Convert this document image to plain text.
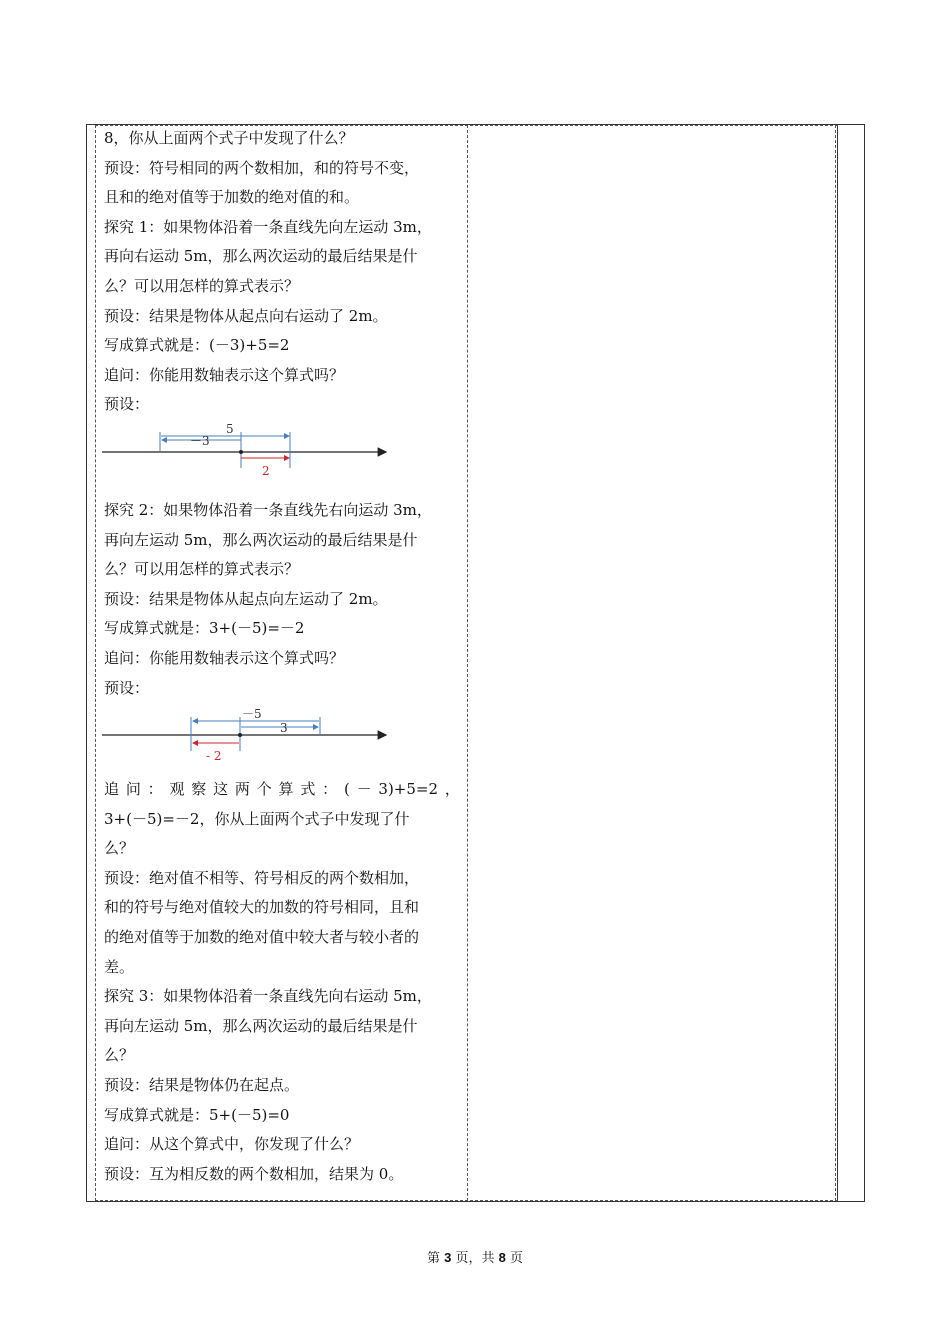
8，你从上面两个式子中发现了什么？
预设：符号相同的两个数相加，和的符号不变，
且和的绝对值等于加数的绝对值的和。
探究 1：如果物体沿着一条直线先向左运动 3m，
再向右运动 5m，那么两次运动的最后结果是什
么？可以用怎样的算式表示？
预设：结果是物体从起点向右运动了 2m。
写成算式就是：(－3)+5=2
追问：你能用数轴表示这个算式吗？
预设：
5
－3
2
探究 2：如果物体沿着一条直线先右向运动 3m，
再向左运动 5m，那么两次运动的最后结果是什
么？可以用怎样的算式表示？
预设：结果是物体从起点向左运动了 2m。
写成算式就是：3+(－5)=－2
追问：你能用数轴表示这个算式吗？
预设：
－5
3
- 2
追 问 ： 观 察 这 两 个 算 式 ： ( － 3)+5=2 ，
3+(－5)=－2，你从上面两个式子中发现了什
么？
预设：绝对值不相等、符号相反的两个数相加，
和的符号与绝对值较大的加数的符号相同，且和
的绝对值等于加数的绝对值中较大者与较小者的
差。
探究 3：如果物体沿着一条直线先向右运动 5m，
再向左运动 5m，那么两次运动的最后结果是什
么？
预设：结果是物体仍在起点。
写成算式就是：5+(－5)=0
追问：从这个算式中，你发现了什么？
预设：互为相反数的两个数相加，结果为 0。
第 3 页，共 8 页
